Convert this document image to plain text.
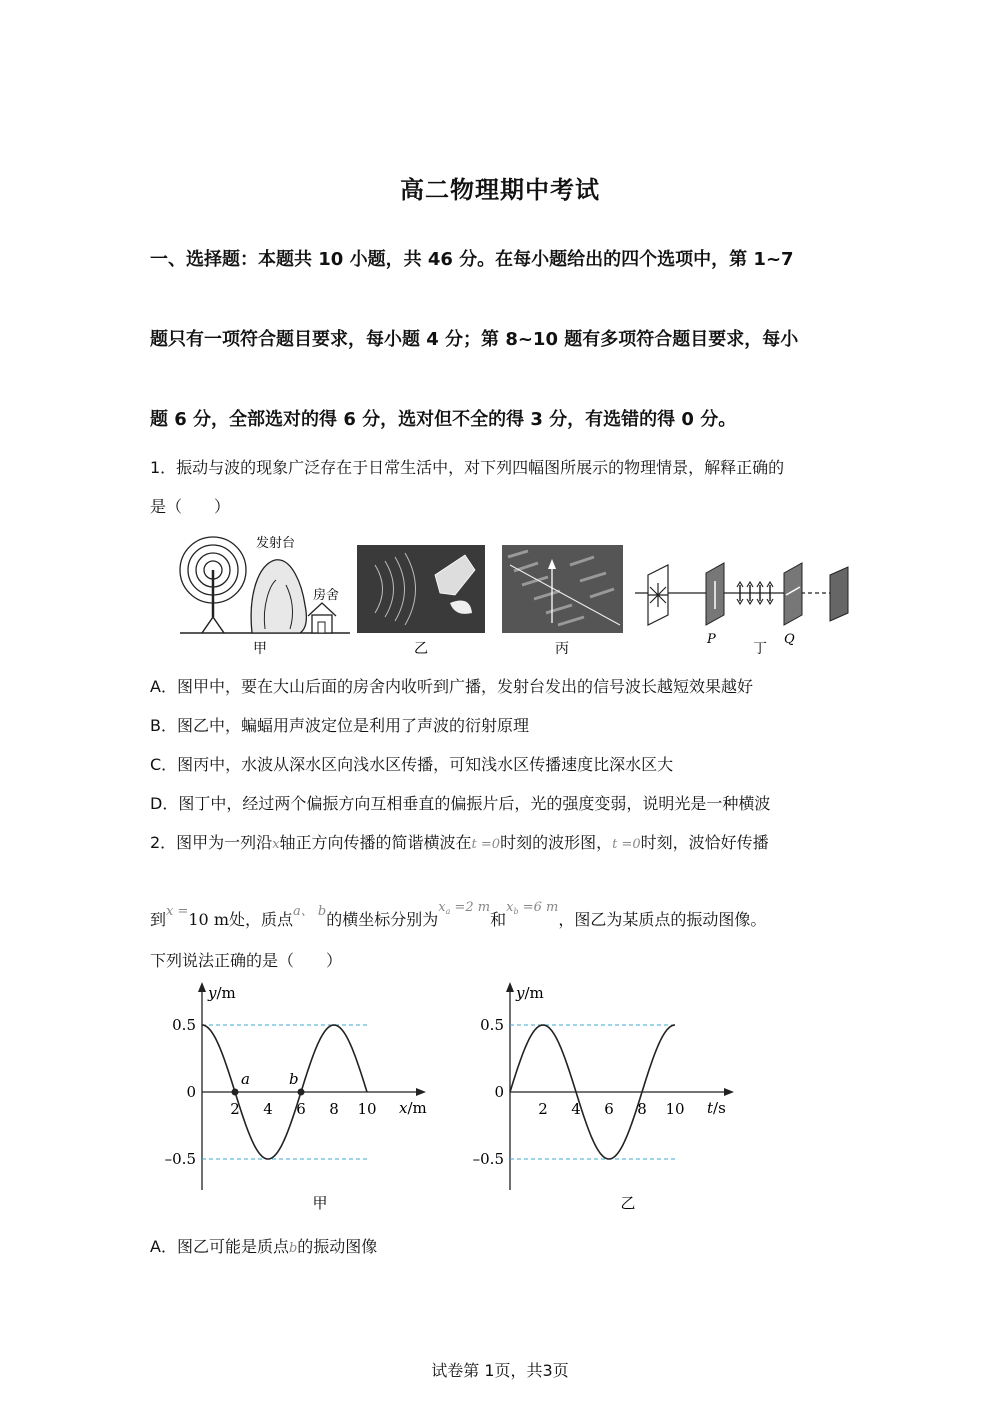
高二物理期中考试
一、选择题：本题共 10 小题，共 46 分。在每小题给出的四个选项中，第 1~7
题只有一项符合题目要求，每小题 4 分；第 8~10 题有多项符合题目要求，每小
题 6 分，全部选对的得 6 分，选对但不全的得 3 分，有选错的得 0 分。
1．振动与波的现象广泛存在于日常生活中，对下列四幅图所展示的物理情景，解释正确的
是（　　）
发射台
房舍
甲	乙	丙
P	Q
丁
A．图甲中，要在大山后面的房舍内收听到广播，发射台发出的信号波长越短效果越好
B．图乙中，蝙蝠用声波定位是利用了声波的衍射原理
C．图丙中，水波从深水区向浅水区传播，可知浅水区传播速度比深水区大
D．图丁中，经过两个偏振方向互相垂直的偏振片后，光的强度变弱，说明光是一种横波
2．图甲为一列沿x轴正方向传播的简谐横波在t =0时刻的波形图，t =0时刻，波恰好传播
到$^{x =}$10 m处，质点$^{a、 b}$的横坐标分别为$^{x_a =2 m}$和$^{x_b =6 m}$，图乙为某质点的振动图像。
下列说法正确的是（　　）
0.5
0
–0.5
2 4 6 8 10 x/m
y/m
a	b
甲
0.5
0
–0.5
2 4 6 8 10 t/s
y/m
乙
A．图乙可能是质点b的振动图像
试卷第 1页，共3页
